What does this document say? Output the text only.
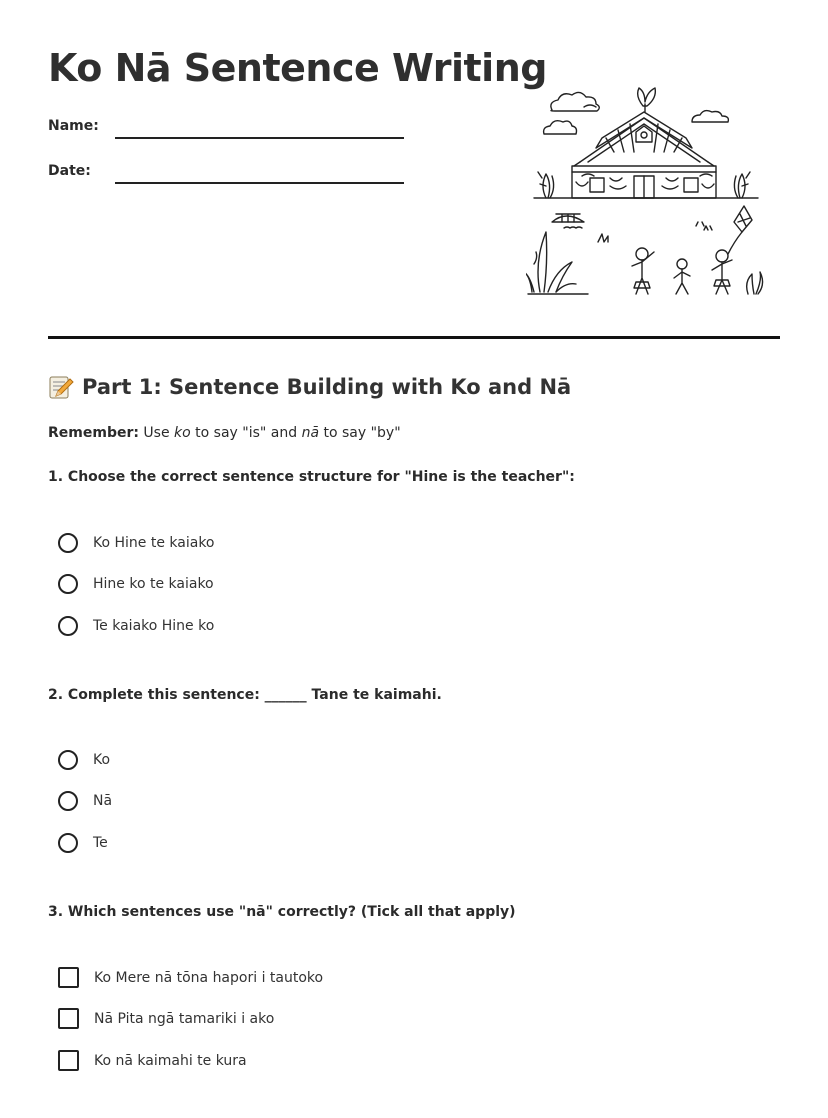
Ko Nā Sentence Writing
Name:
Date:
Part 1: Sentence Building with Ko and Nā
Remember: Use ko to say "is" and nā to say "by"
1. Choose the correct sentence structure for "Hine is the teacher":
Ko Hine te kaiako
Hine ko te kaiako
Te kaiako Hine ko
2. Complete this sentence: ______ Tane te kaimahi.
Ko
Nā
Te
3. Which sentences use "nā" correctly? (Tick all that apply)
Ko Mere nā tōna hapori i tautoko
Nā Pita ngā tamariki i ako
Ko nā kaimahi te kura
